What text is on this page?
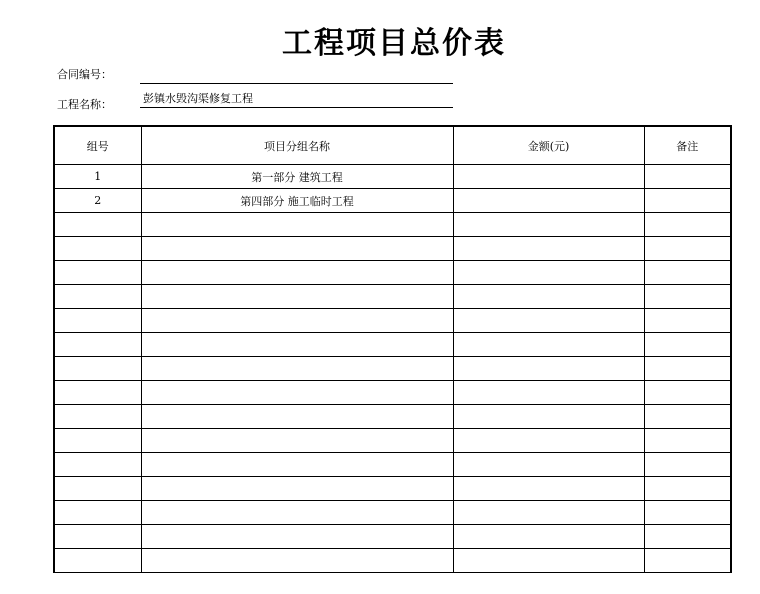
工程项目总价表
合同编号：
工程名称：	彭镇水毁沟渠修复工程
组号	项目分组名称	金额(元)	备注
1	第一部分 建筑工程		
2	第四部分 施工临时工程		
